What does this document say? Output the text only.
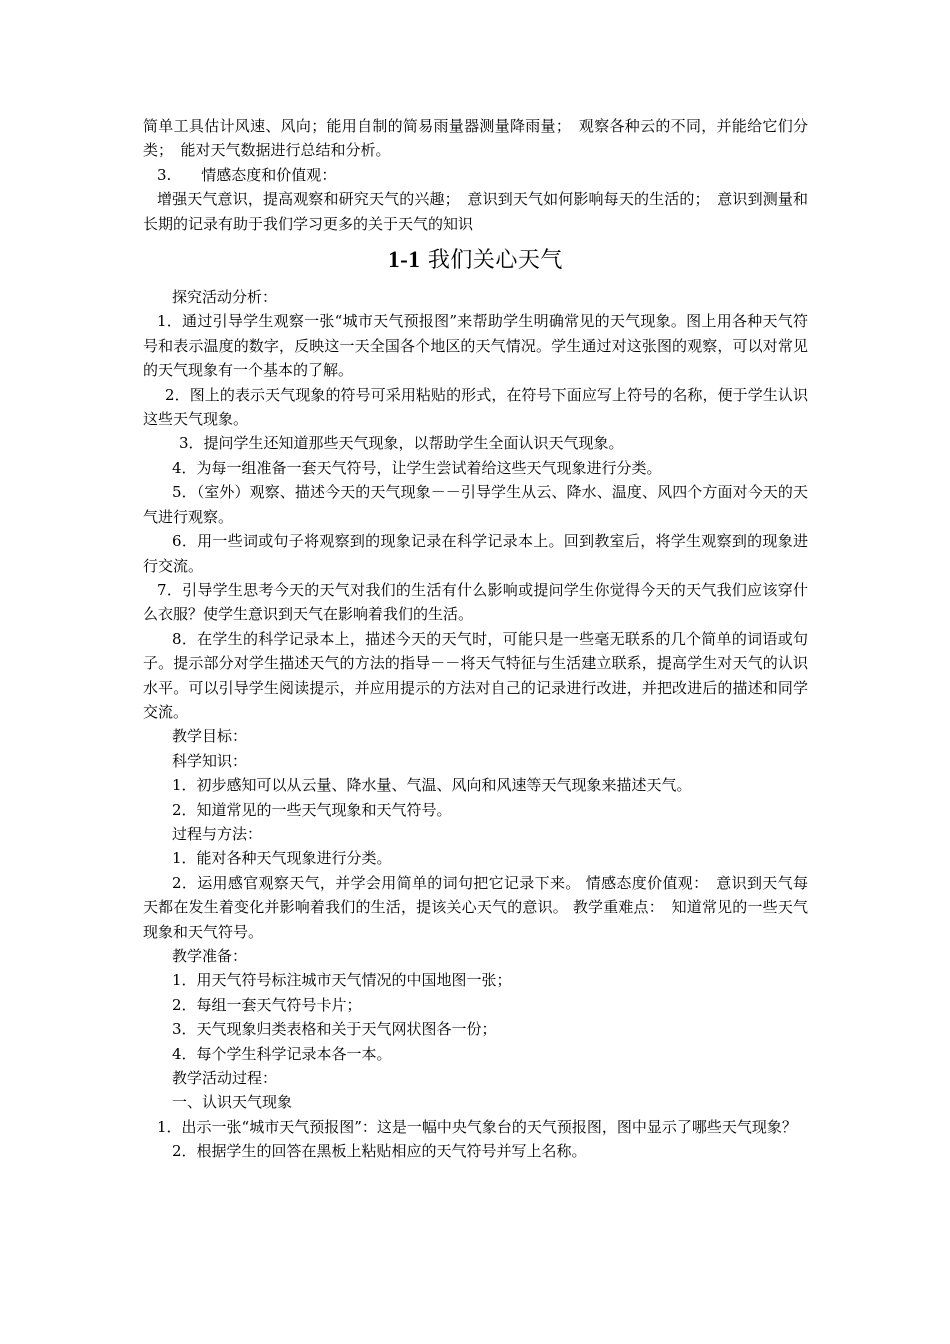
简单工具估计风速、风向；能用自制的简易雨量器测量降雨量；　观察各种云的不同，并能给它们分类；　能对天气数据进行总结和分析。

3.　　情感态度和价值观：

增强天气意识，提高观察和研究天气的兴趣；　意识到天气如何影响每天的生活的；　意识到测量和长期的记录有助于我们学习更多的关于天气的知识

1-1 我们关心天气

探究活动分析：

1．通过引导学生观察一张“城市天气预报图”来帮助学生明确常见的天气现象。图上用各种天气符号和表示温度的数字，反映这一天全国各个地区的天气情况。学生通过对这张图的观察，可以对常见的天气现象有一个基本的了解。

2．图上的表示天气现象的符号可采用粘贴的形式，在符号下面应写上符号的名称，便于学生认识这些天气现象。

3．提问学生还知道那些天气现象，以帮助学生全面认识天气现象。

4．为每一组准备一套天气符号，让学生尝试着给这些天气现象进行分类。

5．（室外）观察、描述今天的天气现象－－引导学生从云、降水、温度、风四个方面对今天的天气进行观察。

6．用一些词或句子将观察到的现象记录在科学记录本上。回到教室后，将学生观察到的现象进行交流。

7．引导学生思考今天的天气对我们的生活有什么影响或提问学生你觉得今天的天气我们应该穿什么衣服？使学生意识到天气在影响着我们的生活。

8．在学生的科学记录本上，描述今天的天气时，可能只是一些毫无联系的几个简单的词语或句子。提示部分对学生描述天气的方法的指导－－将天气特征与生活建立联系，提高学生对天气的认识水平。可以引导学生阅读提示，并应用提示的方法对自己的记录进行改进，并把改进后的描述和同学交流。

教学目标：

科学知识：

1．初步感知可以从云量、降水量、气温、风向和风速等天气现象来描述天气。

2．知道常见的一些天气现象和天气符号。

过程与方法：

1．能对各种天气现象进行分类。

2．运用感官观察天气，并学会用简单的词句把它记录下来。 情感态度价值观：　意识到天气每天都在发生着变化并影响着我们的生活，提该关心天气的意识。 教学重难点：　知道常见的一些天气现象和天气符号。

教学准备：

1．用天气符号标注城市天气情况的中国地图一张；

2．每组一套天气符号卡片；

3．天气现象归类表格和关于天气网状图各一份；

4．每个学生科学记录本各一本。

教学活动过程：

一、认识天气现象

1．出示一张“城市天气预报图”：这是一幅中央气象台的天气预报图，图中显示了哪些天气现象？

2．根据学生的回答在黑板上粘贴相应的天气符号并写上名称。
